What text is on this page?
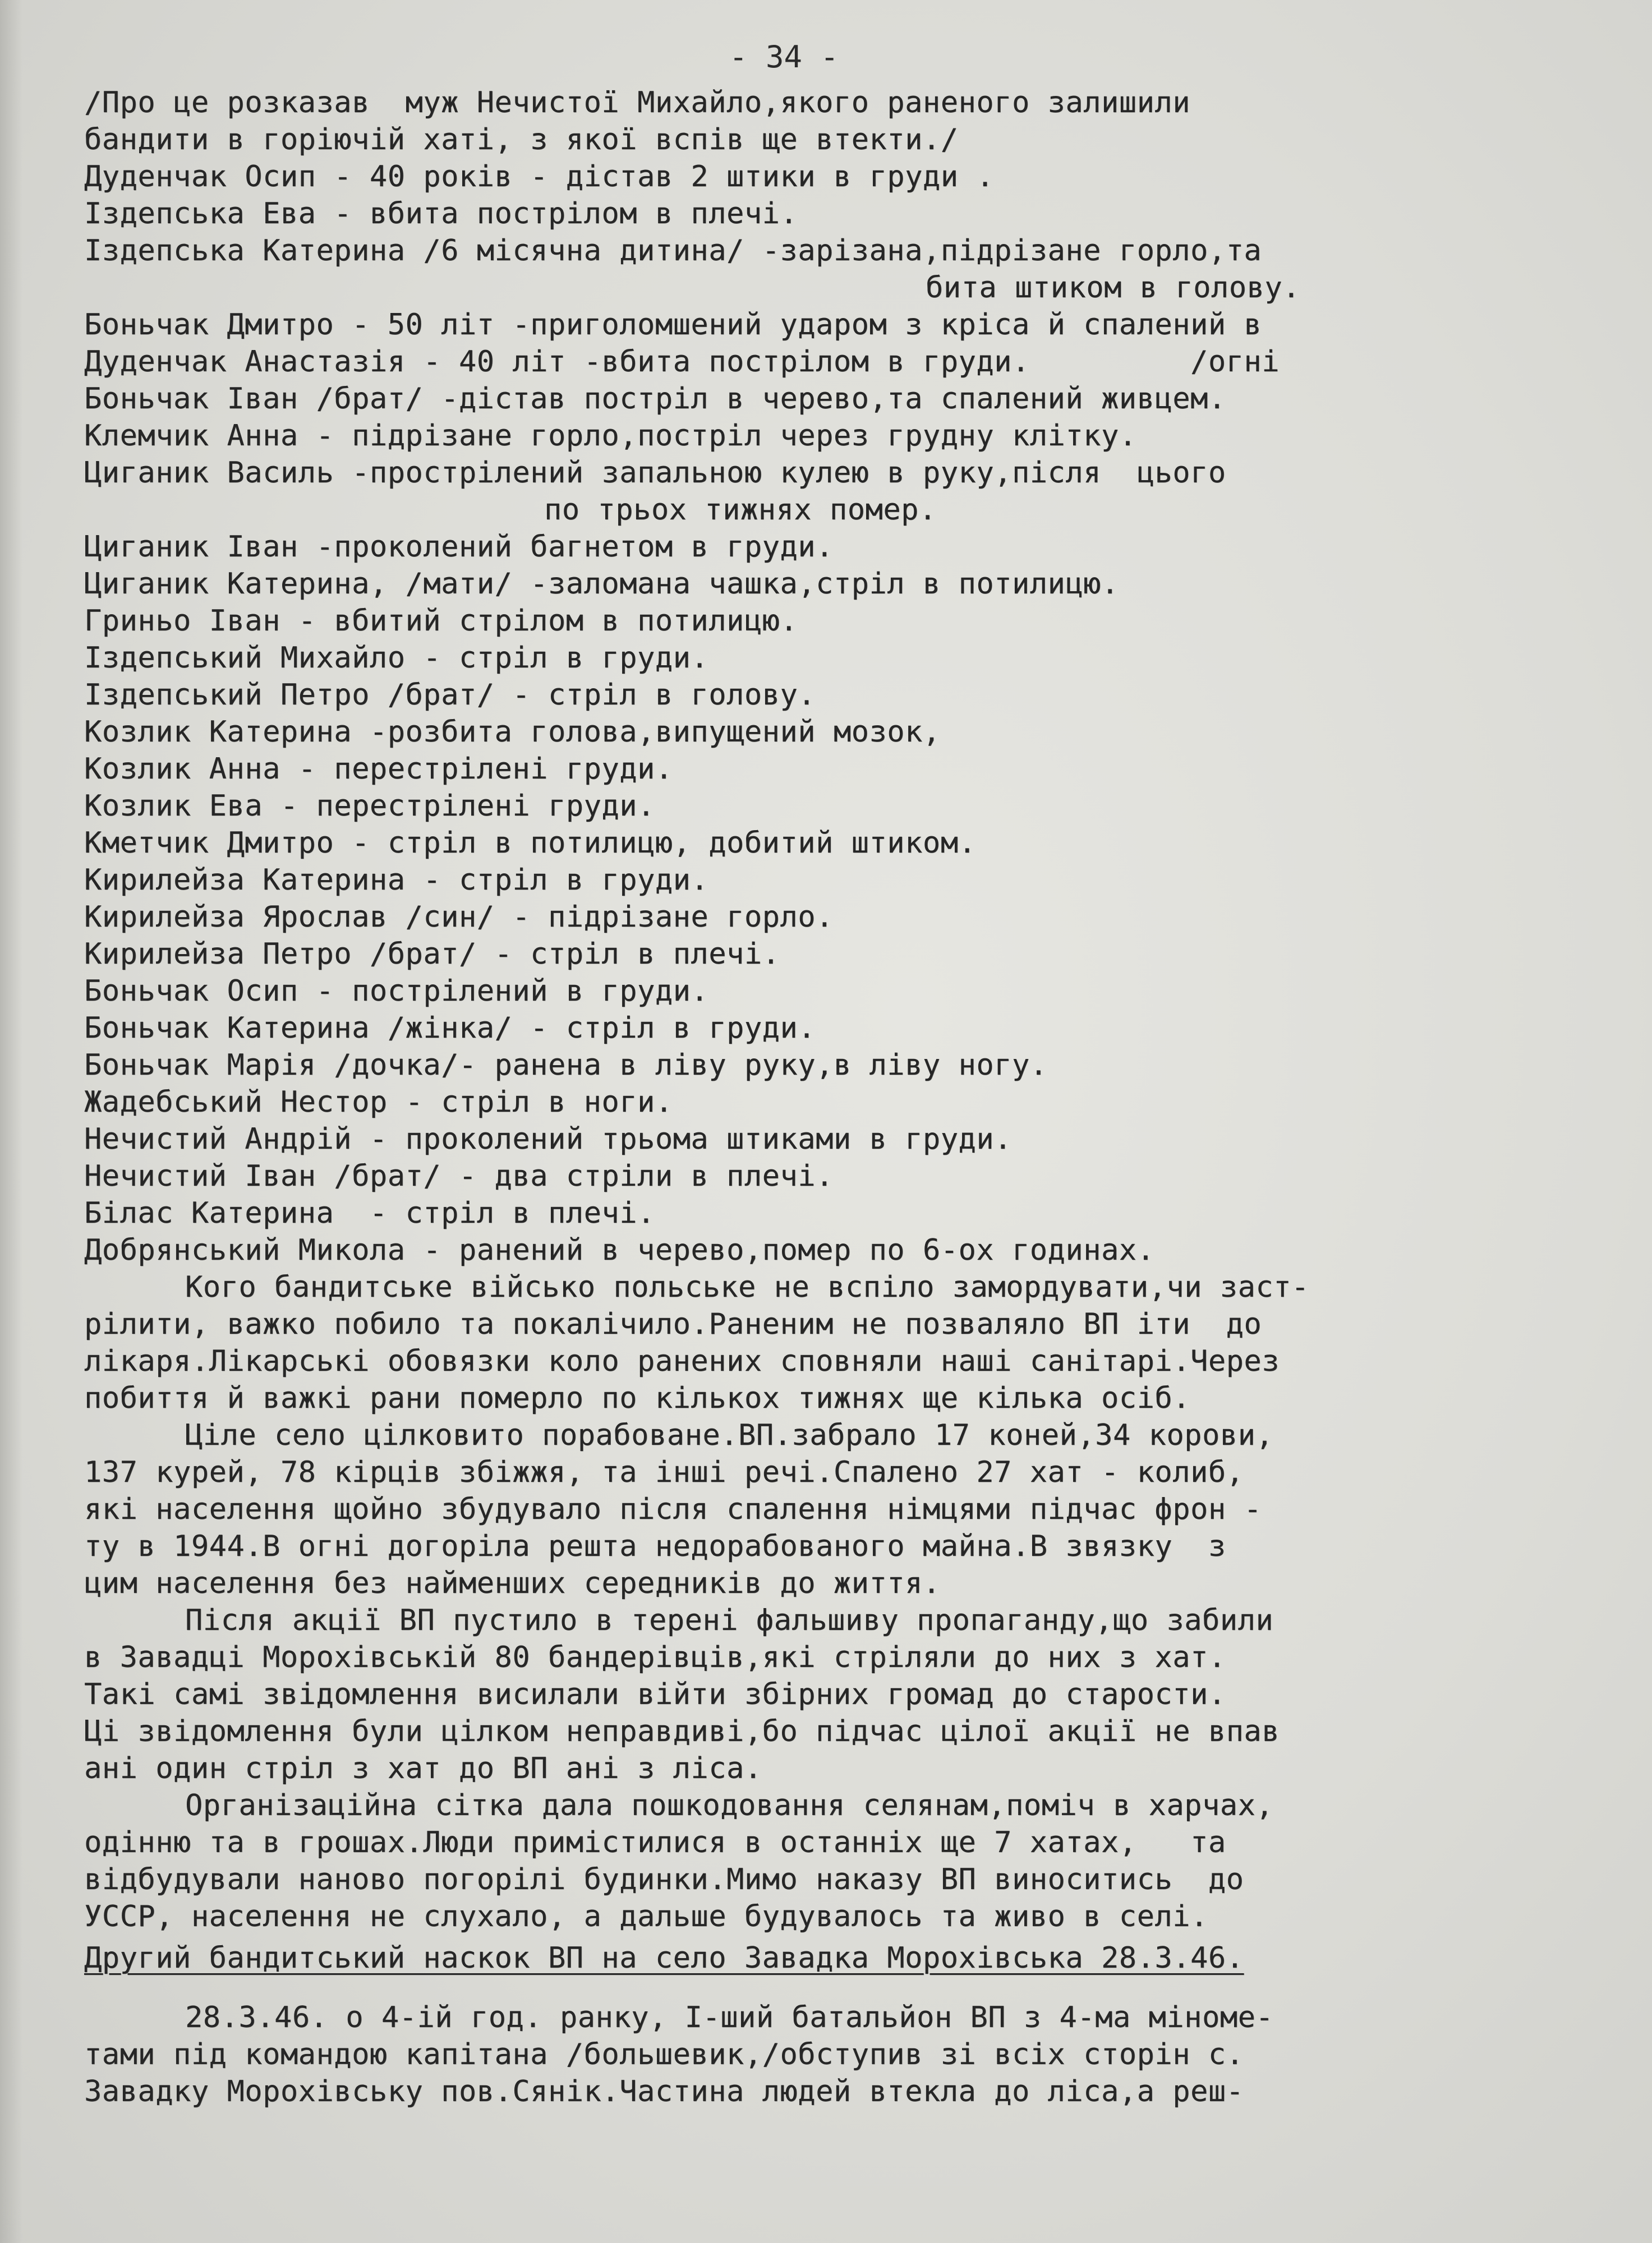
- 34 -
/Про це розказав  муж Нечистої Михайло,якого раненого залишили
бандити в горіючій хаті, з якої вспів ще втекти./
Дуденчак Осип - 40 років - дістав 2 штики в груди .
Іздепська Ева - вбита пострілом в плечі.
Іздепська Катерина /6 місячна дитина/ -зарізана,підрізане горло,та
бита штиком в голову.
Боньчак Дмитро - 50 літ -приголомшений ударом з кріса й спалений в
Дуденчак Анастазія - 40 літ -вбита пострілом в груди.         /огні
Боньчак Іван /брат/ -дістав постріл в черево,та спалений живцем.
Клемчик Анна - підрізане горло,постріл через грудну клітку.
Циганик Василь -прострілений запальною кулею в руку,після  цього
по трьох тижнях помер.
Циганик Іван -проколений багнетом в груди.
Циганик Катерина, /мати/ -заломана чашка,стріл в потилицю.
Гриньо Іван - вбитий стрілом в потилицю.
Іздепський Михайло - стріл в груди.
Іздепський Петро /брат/ - стріл в голову.
Козлик Катерина -розбита голова,випущений мозок,
Козлик Анна - перестрілені груди.
Козлик Ева - перестрілені груди.
Кметчик Дмитро - стріл в потилицю, добитий штиком.
Кирилейза Катерина - стріл в груди.
Кирилейза Ярослав /син/ - підрізане горло.
Кирилейза Петро /брат/ - стріл в плечі.
Боньчак Осип - пострілений в груди.
Боньчак Катерина /жінка/ - стріл в груди.
Боньчак Марія /дочка/- ранена в ліву руку,в ліву ногу.
Жадебський Нестор - стріл в ноги.
Нечистий Андрій - проколений трьома штиками в груди.
Нечистий Іван /брат/ - два стріли в плечі.
Білас Катерина  - стріл в плечі.
Добрянський Микола - ранений в черево,помер по 6-ох годинах.
Кого бандитське військо польське не вспіло замордувати,чи заст-
рілити, важко побило та покалічило.Раненим не позваляло ВП іти  до
лікаря.Лікарські обовязки коло ранених сповняли наші санітарі.Через
побиття й важкі рани померло по кількох тижнях ще кілька осіб.
Ціле село цілковито порабоване.ВП.забрало 17 коней,34 корови,
137 курей, 78 кірців збіжжя, та інші речі.Спалено 27 хат - колиб,
які населення щойно збудувало після спалення німцями підчас фрон -
ту в 1944.В огні догоріла решта недорабованого майна.В звязку  з
цим населення без найменших середників до життя.
Після акції ВП пустило в терені фальшиву пропаганду,що забили
в Завадці Морохівській 80 бандерівців,які стріляли до них з хат.
Такі самі звідомлення висилали війти збірних громад до старости.
Ці звідомлення були цілком неправдиві,бо підчас цілої акції не впав
ані один стріл з хат до ВП ані з ліса.
Організаційна сітка дала пошкодовання селянам,поміч в харчах,
одінню та в грошах.Люди примістилися в останніх ще 7 хатах,   та
відбудували наново погорілі будинки.Мимо наказу ВП виноситись  до
УССР, населення не слухало, а дальше будувалось та живо в селі.
Другий бандитський наскок ВП на село Завадка Морохівська 28.3.46.
28.3.46. о 4-ій год. ранку, І-ший батальйон ВП з 4-ма міноме-
тами під командою капітана /большевик,/обступив зі всіх сторін с.
Завадку Морохівську пов.Сянік.Частина людей втекла до ліса,а реш-
